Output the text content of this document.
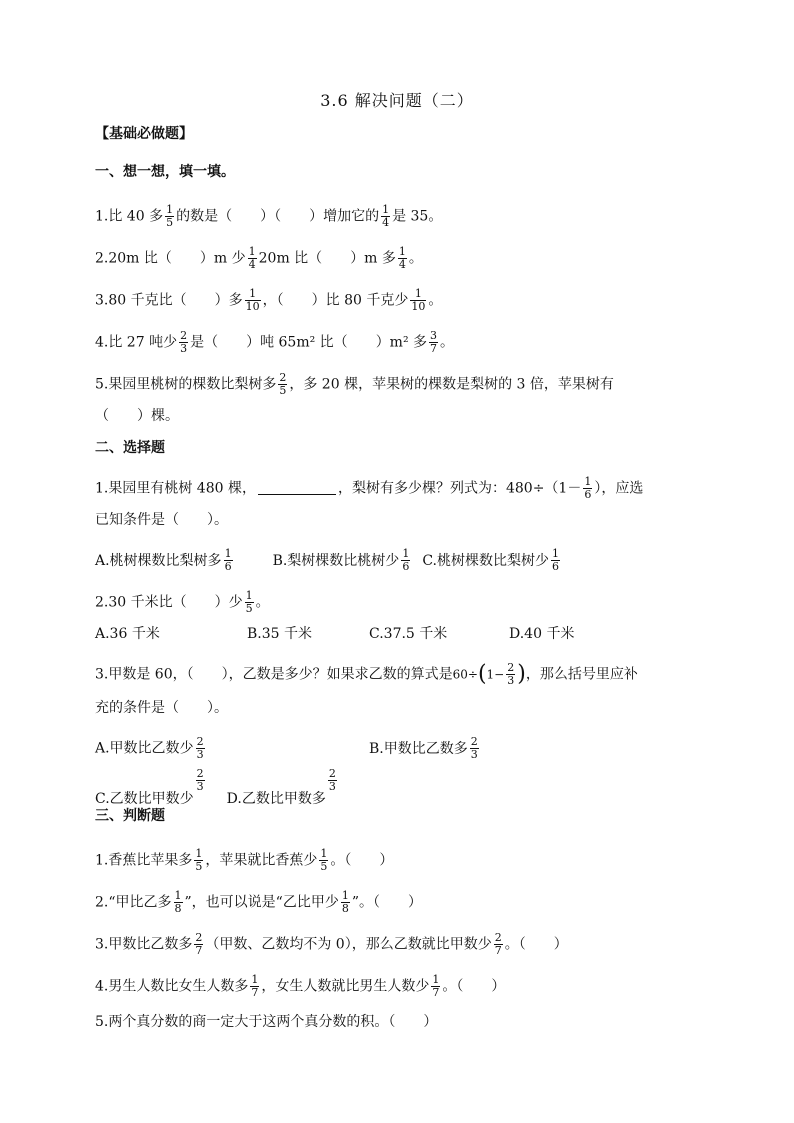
3.6 解决问题（二）
【基础必做题】
一、想一想，填一填。
1.比 40 多 $\frac{1}{5}$ 的数是（ ）（ ）增加它的 $\frac{1}{4}$ 是 35。
2.20m 比（ ）m 少 $\frac{1}{4} 20m$ 比（ ）m 多 $\frac{1}{4}$ 。
3.80 千克比（ ）多 $\frac{1}{10}$ ，（ ）比 80 千克少 $\frac{1}{10}$ 。
4.比 27 吨少 $\frac{2}{3}$ 是（ ）吨 65m² 比（ ）m² 多 $\frac{3}{7}$ 。
5.果园里桃树的棵数比梨树多 $\frac{2}{5}$ ，多 20 棵，苹果树的棵数是梨树的 3 倍，苹果树有
（　　）棵。
二、选择题
1.果园里有桃树 480 棵，	，梨树有多少棵？列式为：$480\div(1- \frac{1}{6}$ ），应选
已知条件是（　　）。
A.桃树棵数比梨树多 $\frac{1}{6}$	B.梨树棵数比桃树少 $\frac{1}{6} C$.桃树棵数比梨树少 $\frac{1}{6}$
2.30 千米比（ ）少 $\frac{1}{5}$ 。
A.36 千米	B.35 千米	C.37.5 千米	D.40 千米
3.甲数是 60，（ ），乙数是多少？如果求乙数的算式是$60\div(1- \frac{2}{3}$ )，那么括号里应补
充的条件是（　　）。
A.甲数比乙数少 $\frac{2}{3}$	B.甲数比乙数多 $\frac{2}{3}$
C.乙数比甲数少
$\frac{2}{3}$
D.乙数比甲数多
$\frac{2}{3}$
三、判断题
1.香蕉比苹果多 $\frac{1}{5}$ ，苹果就比香蕉少 $\frac{1}{5}$ 。（　　）
2.“甲比乙多 $\frac{1}{8}$ ”，也可以说是“乙比甲少 $\frac{1}{8}$ ”。（　　）
3.甲数比乙数多 $\frac{2}{7}$ （甲数、乙数均不为 0），那么乙数就比甲数少 $\frac{2}{7}$ 。（　　）
4.男生人数比女生人数多 $\frac{1}{7}$ ，女生人数就比男生人数少 $\frac{1}{7}$ 。（　　）
5.两个真分数的商一定大于这两个真分数的积。（　　）
